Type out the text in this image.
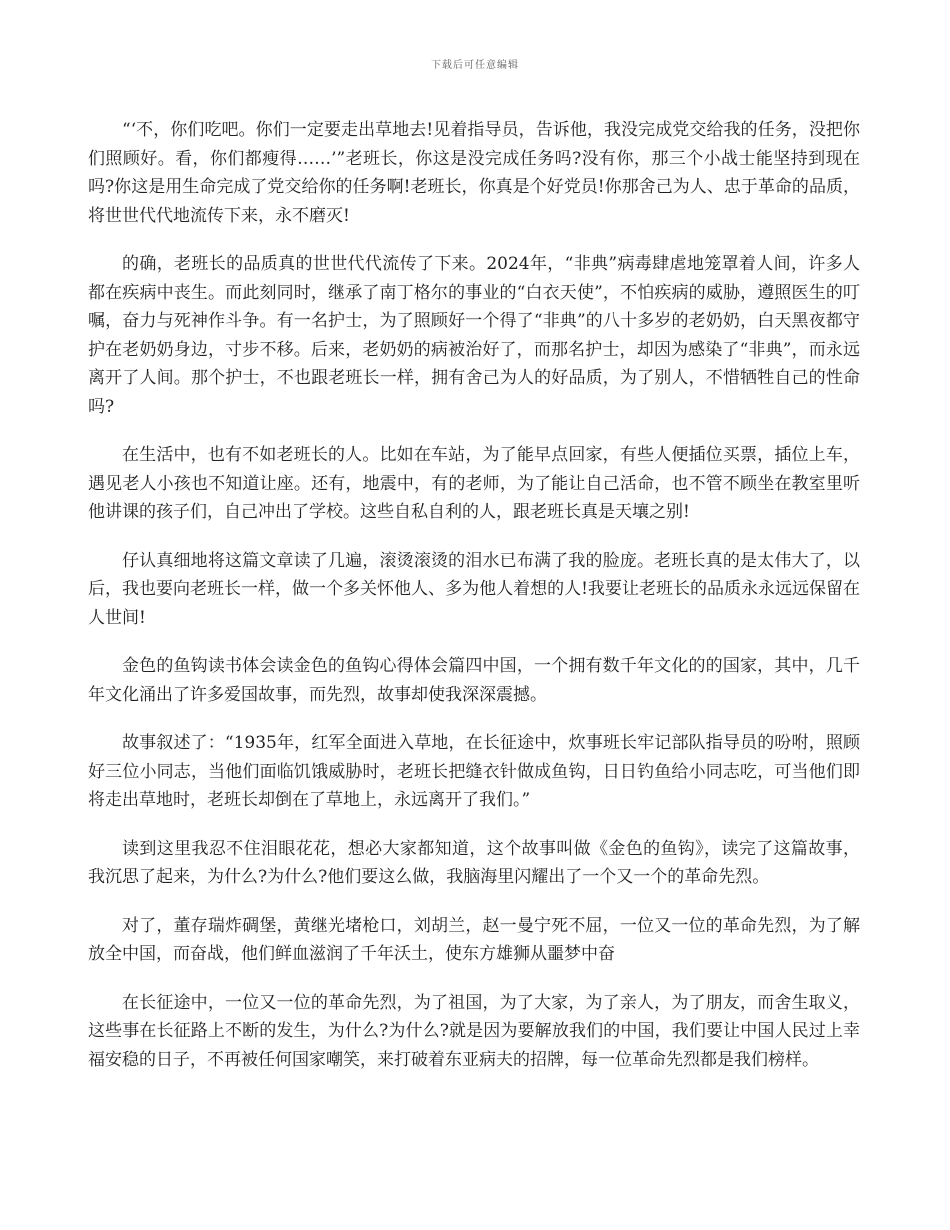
下载后可任意编辑

“‘不，你们吃吧。你们一定要走出草地去!见着指导员，告诉他，我没完成党交给我的任务，没把你们照顾好。看，你们都瘦得……’”老班长，你这是没完成任务吗?没有你，那三个小战士能坚持到现在吗?你这是用生命完成了党交给你的任务啊!老班长，你真是个好党员!你那舍己为人、忠于革命的品质，将世世代代地流传下来，永不磨灭!

的确，老班长的品质真的世世代代流传了下来。2024年，“非典”病毒肆虐地笼罩着人间，许多人都在疾病中丧生。而此刻同时，继承了南丁格尔的事业的“白衣天使”，不怕疾病的威胁，遵照医生的叮嘱，奋力与死神作斗争。有一名护士，为了照顾好一个得了“非典”的八十多岁的老奶奶，白天黑夜都守护在老奶奶身边，寸步不移。后来，老奶奶的病被治好了，而那名护士，却因为感染了“非典”，而永远离开了人间。那个护士，不也跟老班长一样，拥有舍己为人的好品质，为了别人，不惜牺牲自己的性命吗?

在生活中，也有不如老班长的人。比如在车站，为了能早点回家，有些人便插位买票，插位上车，遇见老人小孩也不知道让座。还有，地震中，有的老师，为了能让自己活命，也不管不顾坐在教室里听他讲课的孩子们，自己冲出了学校。这些自私自利的人，跟老班长真是天壤之别!

仔认真细地将这篇文章读了几遍，滚烫滚烫的泪水已布满了我的脸庞。老班长真的是太伟大了，以后，我也要向老班长一样，做一个多关怀他人、多为他人着想的人!我要让老班长的品质永永远远保留在人世间!

金色的鱼钩读书体会读金色的鱼钩心得体会篇四中国，一个拥有数千年文化的的国家，其中，几千年文化涌出了许多爱国故事，而先烈，故事却使我深深震撼。

故事叙述了：“1935年，红军全面进入草地，在长征途中，炊事班长牢记部队指导员的吩咐，照顾好三位小同志，当他们面临饥饿威胁时，老班长把缝衣针做成鱼钩，日日钓鱼给小同志吃，可当他们即将走出草地时，老班长却倒在了草地上，永远离开了我们。”

读到这里我忍不住泪眼花花，想必大家都知道，这个故事叫做《金色的鱼钩》，读完了这篇故事，我沉思了起来，为什么?为什么?他们要这么做，我脑海里闪耀出了一个又一个的革命先烈。

对了，董存瑞炸碉堡，黄继光堵枪口，刘胡兰，赵一曼宁死不屈，一位又一位的革命先烈，为了解放全中国，而奋战，他们鲜血滋润了千年沃土，使东方雄狮从噩梦中奋

在长征途中，一位又一位的革命先烈，为了祖国，为了大家，为了亲人，为了朋友，而舍生取义，这些事在长征路上不断的发生，为什么?为什么?就是因为要解放我们的中国，我们要让中国人民过上幸福安稳的日子，不再被任何国家嘲笑，来打破着东亚病夫的招牌，每一位革命先烈都是我们榜样。
